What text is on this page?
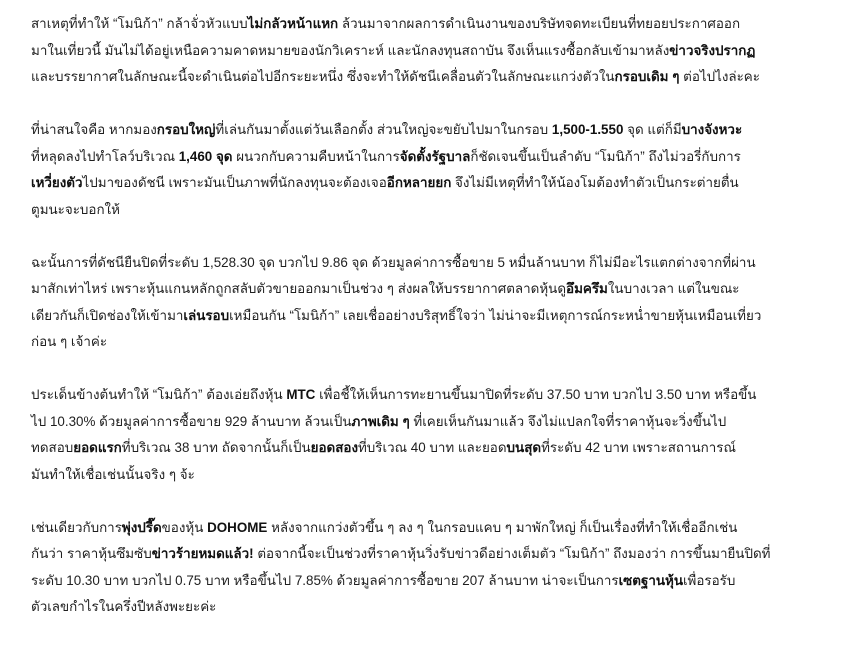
สาเหตุที่ทำให้ “โมนิก้า” กล้าจั่วหัวแบบไม่กลัวหน้าแหก ล้วนมาจากผลการดำเนินงานของบริษัทจดทะเบียนที่ทยอยประกาศออก
มาในเที่ยวนี้ มันไม่ได้อยู่เหนือความคาดหมายของนักวิเคราะห์ และนักลงทุนสถาบัน จึงเห็นแรงซื้อกลับเข้ามาหลังข่าวจริงปรากฏ
และบรรยากาศในลักษณะนี้จะดำเนินต่อไปอีกระยะหนึ่ง ซึ่งจะทำให้ดัชนีเคลื่อนตัวในลักษณะแกว่งตัวในกรอบเดิม ๆ ต่อไปไงล่ะคะ

ที่น่าสนใจคือ หากมองกรอบใหญ่ที่เล่นกันมาตั้งแต่วันเลือกตั้ง ส่วนใหญ่จะขยับไปมาในกรอบ 1,500-1.550 จุด แต่ก็มีบางจังหวะ
ที่หลุดลงไปทำโลว์บริเวณ 1,460 จุด ผนวกกับความคืบหน้าในการจัดตั้งรัฐบาลก็ชัดเจนขึ้นเป็นลำดับ “โมนิก้า” ถึงไม่วอรี่กับการ
เหวี่ยงตัวไปมาของดัชนี เพราะมันเป็นภาพที่นักลงทุนจะต้องเจออีกหลายยก จึงไม่มีเหตุที่ทำให้น้องโมต้องทำตัวเป็นกระต่ายตื่น
ตูมนะจะบอกให้

ฉะนั้นการที่ดัชนียืนปิดที่ระดับ 1,528.30 จุด บวกไป 9.86 จุด ด้วยมูลค่าการซื้อขาย 5 หมื่นล้านบาท ก็ไม่มีอะไรแตกต่างจากที่ผ่าน
มาสักเท่าไหร่ เพราะหุ้นแกนหลักถูกสลับตัวขายออกมาเป็นช่วง ๆ ส่งผลให้บรรยากาศตลาดหุ้นดูอึมครึมในบางเวลา แต่ในขณะ
เดียวกันก็เปิดช่องให้เข้ามาเล่นรอบเหมือนกัน “โมนิก้า” เลยเชื่ออย่างบริสุทธิ์ใจว่า ไม่น่าจะมีเหตุการณ์กระหน่ำขายหุ้นเหมือนเที่ยว
ก่อน ๆ เจ้าค่ะ

ประเด็นข้างต้นทำให้ “โมนิก้า” ต้องเอ่ยถึงหุ้น MTC เพื่อชี้ให้เห็นการทะยานขึ้นมาปิดที่ระดับ 37.50 บาท บวกไป 3.50 บาท หรือขึ้น
ไป 10.30% ด้วยมูลค่าการซื้อขาย 929 ล้านบาท ล้วนเป็นภาพเดิม ๆ ที่เคยเห็นกันมาแล้ว จึงไม่แปลกใจที่ราคาหุ้นจะวิ่งขึ้นไป
ทดสอบยอดแรกที่บริเวณ 38 บาท ถัดจากนั้นก็เป็นยอดสองที่บริเวณ 40 บาท และยอดบนสุดที่ระดับ 42 บาท เพราะสถานการณ์
มันทำให้เชื่อเช่นนั้นจริง ๆ จ้ะ

เช่นเดียวกับการพุ่งปรี๊ดของหุ้น DOHOME หลังจากแกว่งตัวขึ้น ๆ ลง ๆ ในกรอบแคบ ๆ มาพักใหญ่ ก็เป็นเรื่องที่ทำให้เชื่ออีกเช่น
กันว่า ราคาหุ้นซึมซับข่าวร้ายหมดแล้ว! ต่อจากนี้จะเป็นช่วงที่ราคาหุ้นวิ่งรับข่าวดีอย่างเต็มตัว “โมนิก้า” ถึงมองว่า การขึ้นมายืนปิดที่
ระดับ 10.30 บาท บวกไป 0.75 บาท หรือขึ้นไป 7.85% ด้วยมูลค่าการซื้อขาย 207 ล้านบาท น่าจะเป็นการเซตฐานหุ้นเพื่อรอรับ
ตัวเลขกำไรในครึ่งปีหลังพะยะค่ะ
